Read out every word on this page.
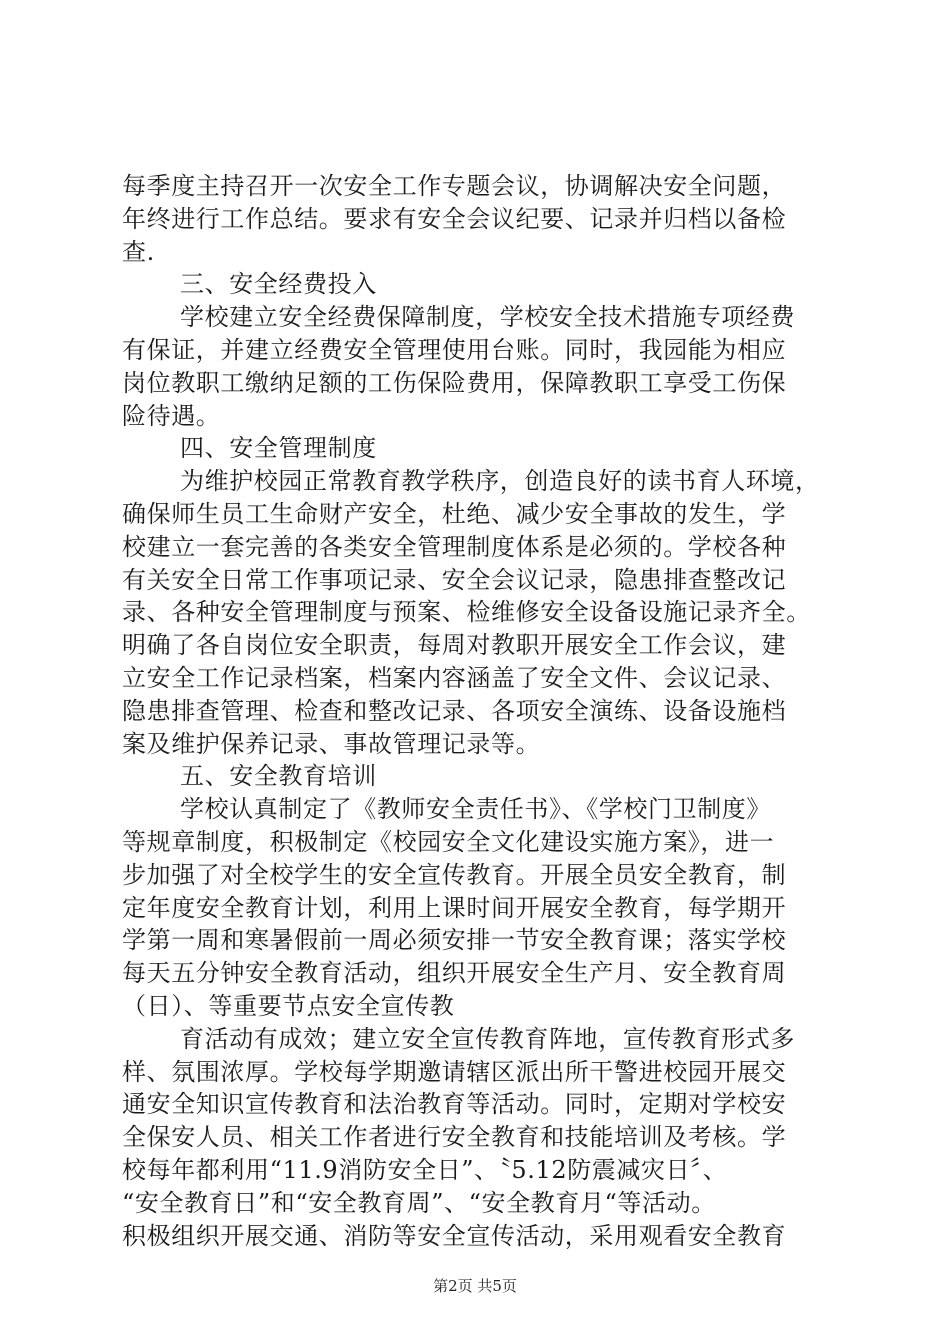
每季度主持召开一次安全工作专题会议，协调解决安全问题，
年终进行工作总结。要求有安全会议纪要、记录并归档以备检
查.
三、安全经费投入
学校建立安全经费保障制度，学校安全技术措施专项经费
有保证，并建立经费安全管理使用台账。同时，我园能为相应
岗位教职工缴纳足额的工伤保险费用，保障教职工享受工伤保
险待遇。
四、安全管理制度
为维护校园正常教育教学秩序，创造良好的读书育人环境，
确保师生员工生命财产安全，杜绝、减少安全事故的发生，学
校建立一套完善的各类安全管理制度体系是必须的。学校各种
有关安全日常工作事项记录、安全会议记录，隐患排查整改记
录、各种安全管理制度与预案、检维修安全设备设施记录齐全。
明确了各自岗位安全职责，每周对教职开展安全工作会议，建
立安全工作记录档案，档案内容涵盖了安全文件、会议记录、
隐患排查管理、检查和整改记录、各项安全演练、设备设施档
案及维护保养记录、事故管理记录等。
五、安全教育培训
学校认真制定了《教师安全责任书》、《学校门卫制度》
等规章制度，积极制定《校园安全文化建设实施方案》，进一
步加强了对全校学生的安全宣传教育。开展全员安全教育，制
定年度安全教育计划，利用上课时间开展安全教育，每学期开
学第一周和寒暑假前一周必须安排一节安全教育课；落实学校
每天五分钟安全教育活动，组织开展安全生产月、安全教育周
（日）、等重要节点安全宣传教
育活动有成效；建立安全宣传教育阵地，宣传教育形式多
样、氛围浓厚。学校每学期邀请辖区派出所干警进校园开展交
通安全知识宣传教育和法治教育等活动。同时，定期对学校安
全保安人员、相关工作者进行安全教育和技能培训及考核。学
校每年都利用“11.9消防安全日”、〝5.12防震减灾日〞、
“安全教育日”和“安全教育周”、“安全教育月“等活动。
积极组织开展交通、消防等安全宣传活动，采用观看安全教育
第2页 共5页
